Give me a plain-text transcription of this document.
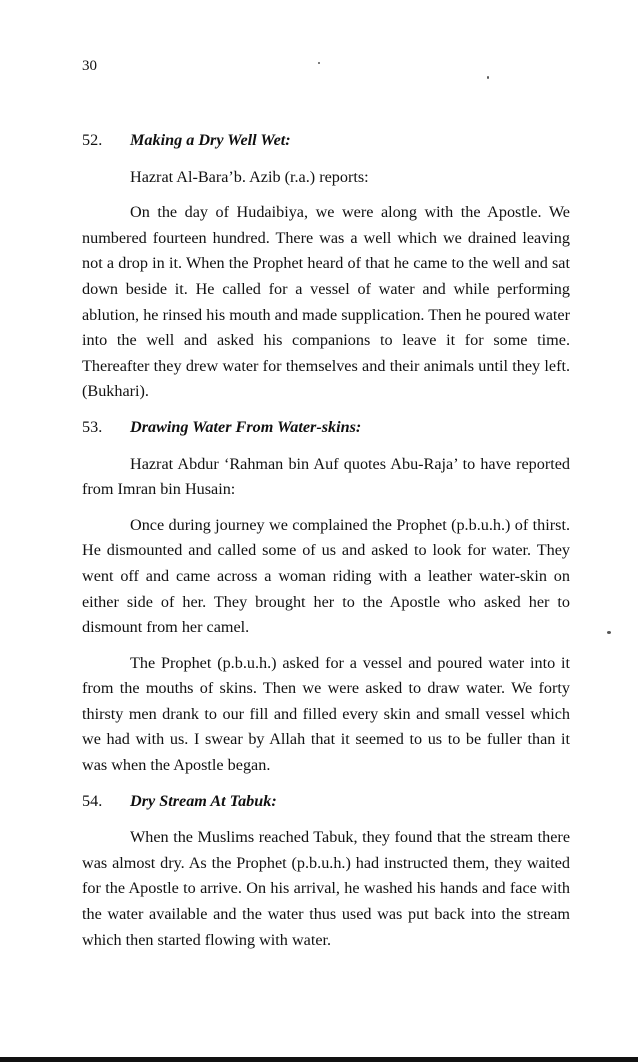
30
52.	Making a Dry Well Wet:

Hazrat Al-Bara’b. Azib (r.a.) reports:

On the day of Hudaibiya, we were along with the Apostle. We numbered fourteen hundred. There was a well which we drained leaving not a drop in it. When the Prophet heard of that he came to the well and sat down beside it. He called for a vessel of water and while performing ablution, he rinsed his mouth and made supplication. Then he poured water into the well and asked his companions to leave it for some time. Thereafter they drew water for themselves and their animals until they left. (Bukhari).

53.	Drawing Water From Water-skins:

Hazrat Abdur ‘Rahman bin Auf quotes Abu-Raja’ to have reported from Imran bin Husain:

Once during journey we complained the Prophet (p.b.u.h.) of thirst. He dismounted and called some of us and asked to look for water. They went off and came across a woman riding with a leather water-skin on either side of her. They brought her to the Apostle who asked her to dismount from her camel.

The Prophet (p.b.u.h.) asked for a vessel and poured water into it from the mouths of skins. Then we were asked to draw water. We forty thirsty men drank to our fill and filled every skin and small vessel which we had with us. I swear by Allah that it seemed to us to be fuller than it was when the Apostle began.

54.	Dry Stream At Tabuk:

When the Muslims reached Tabuk, they found that the stream there was almost dry. As the Prophet (p.b.u.h.) had instructed them, they waited for the Apostle to arrive. On his arrival, he washed his hands and face with the water available and the water thus used was put back into the stream which then started flowing with water.
